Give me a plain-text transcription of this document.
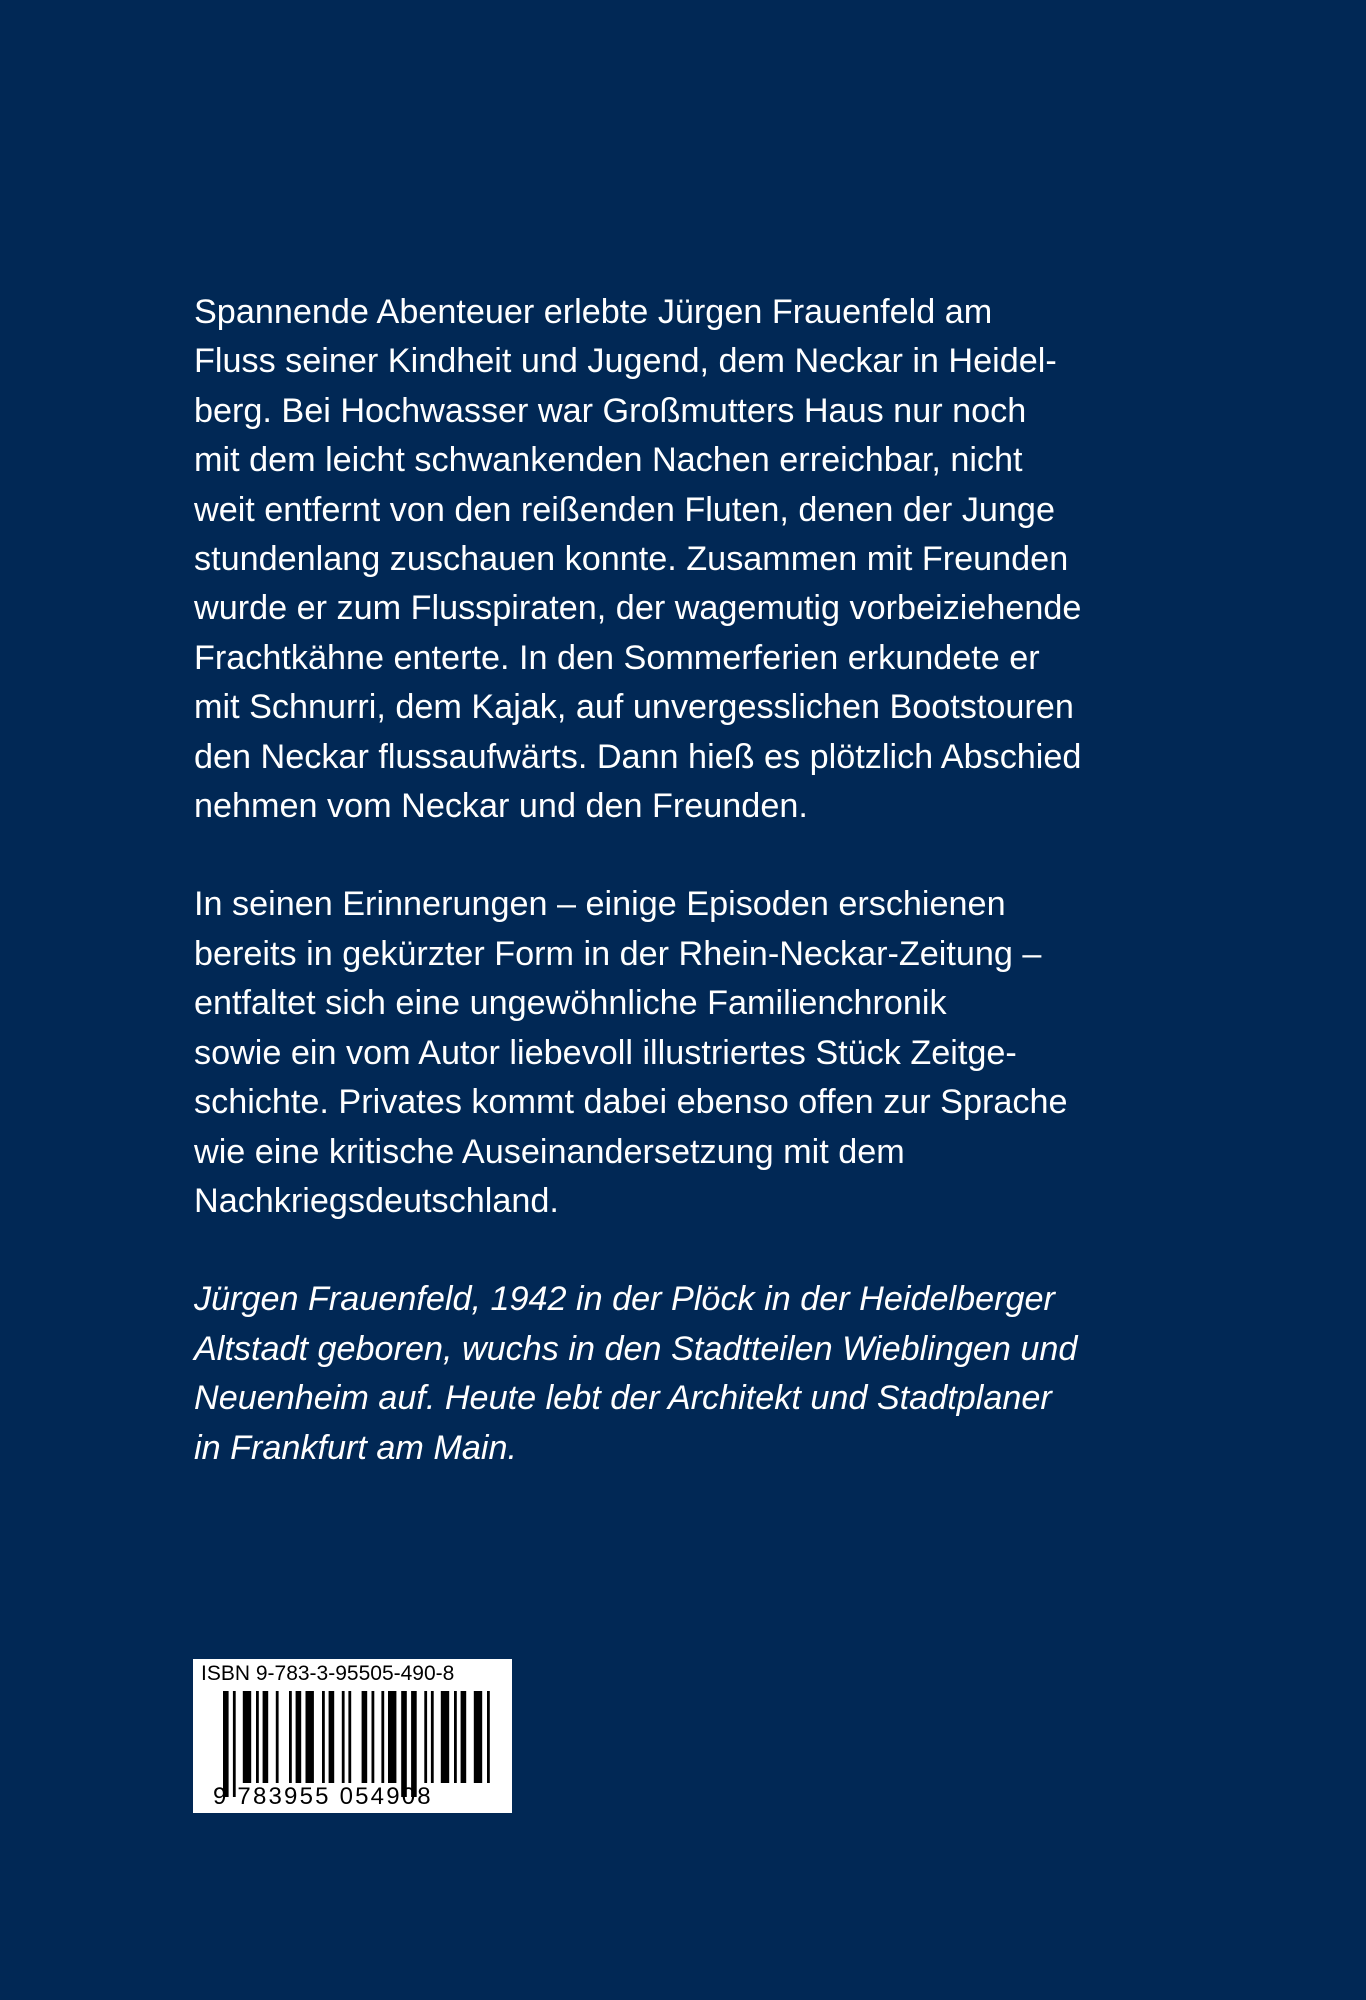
Spannende Abenteuer erlebte Jürgen Frauenfeld am
Fluss seiner Kindheit und Jugend, dem Neckar in Heidel-
berg. Bei Hochwasser war Großmutters Haus nur noch
mit dem leicht schwankenden Nachen erreichbar, nicht
weit entfernt von den reißenden Fluten, denen der Junge
stundenlang zuschauen konnte. Zusammen mit Freunden
wurde er zum Flusspiraten, der wagemutig vorbeiziehende
Frachtkähne enterte. In den Sommerferien erkundete er
mit Schnurri, dem Kajak, auf unvergesslichen Bootstouren
den Neckar flussaufwärts. Dann hieß es plötzlich Abschied
nehmen vom Neckar und den Freunden.

In seinen Erinnerungen – einige Episoden erschienen
bereits in gekürzter Form in der Rhein-Neckar-Zeitung –
entfaltet sich eine ungewöhnliche Familienchronik
sowie ein vom Autor liebevoll illustriertes Stück Zeitge-
schichte. Privates kommt dabei ebenso offen zur Sprache
wie eine kritische Auseinandersetzung mit dem
Nachkriegsdeutschland.

Jürgen Frauenfeld, 1942 in der Plöck in der Heidelberger
Altstadt geboren, wuchs in den Stadtteilen Wieblingen und
Neuenheim auf. Heute lebt der Architekt und Stadtplaner
in Frankfurt am Main.

ISBN 9-783-3-95505-490-8
9 783955 054908
